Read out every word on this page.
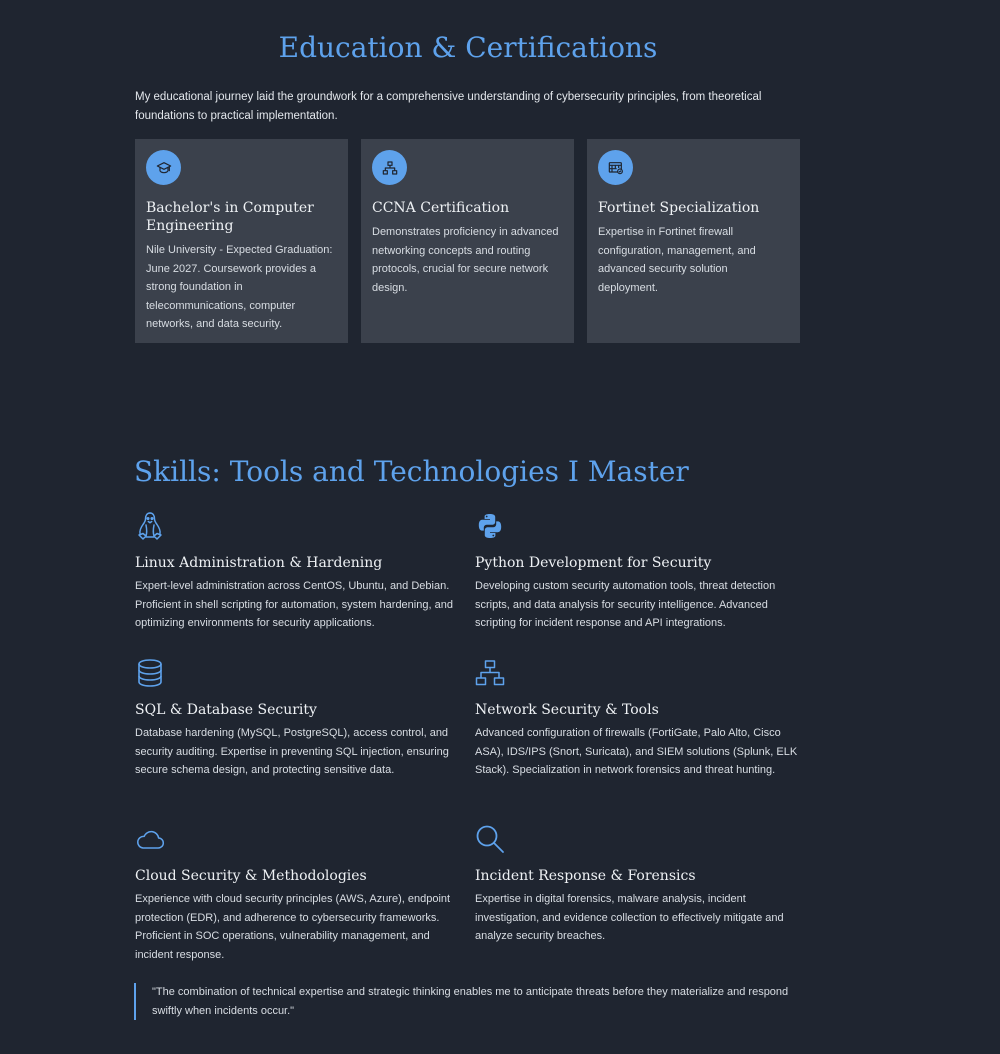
Education & Certifications

My educational journey laid the groundwork for a comprehensive understanding of cybersecurity principles, from theoretical foundations to practical implementation.

Bachelor's in Computer Engineering

Nile University - Expected Graduation: June 2027. Coursework provides a strong foundation in telecommunications, computer networks, and data security.

CCNA Certification

Demonstrates proficiency in advanced networking concepts and routing protocols, crucial for secure network design.

Fortinet Specialization

Expertise in Fortinet firewall configuration, management, and advanced security solution deployment.

Skills: Tools and Technologies I Master
Linux Administration & Hardening

Expert-level administration across CentOS, Ubuntu, and Debian. Proficient in shell scripting for automation, system hardening, and optimizing environments for security applications.

Python Development for Security

Developing custom security automation tools, threat detection scripts, and data analysis for security intelligence. Advanced scripting for incident response and API integrations.

SQL & Database Security

Database hardening (MySQL, PostgreSQL), access control, and security auditing. Expertise in preventing SQL injection, ensuring secure schema design, and protecting sensitive data.

Network Security & Tools

Advanced configuration of firewalls (FortiGate, Palo Alto, Cisco ASA), IDS/IPS (Snort, Suricata), and SIEM solutions (Splunk, ELK Stack). Specialization in network forensics and threat hunting.

Cloud Security & Methodologies

Experience with cloud security principles (AWS, Azure), endpoint protection (EDR), and adherence to cybersecurity frameworks. Proficient in SOC operations, vulnerability management, and incident response.

Incident Response & Forensics

Expertise in digital forensics, malware analysis, incident investigation, and evidence collection to effectively mitigate and analyze security breaches.

"The combination of technical expertise and strategic thinking enables me to anticipate threats before they materialize and respond swiftly when incidents occur."
